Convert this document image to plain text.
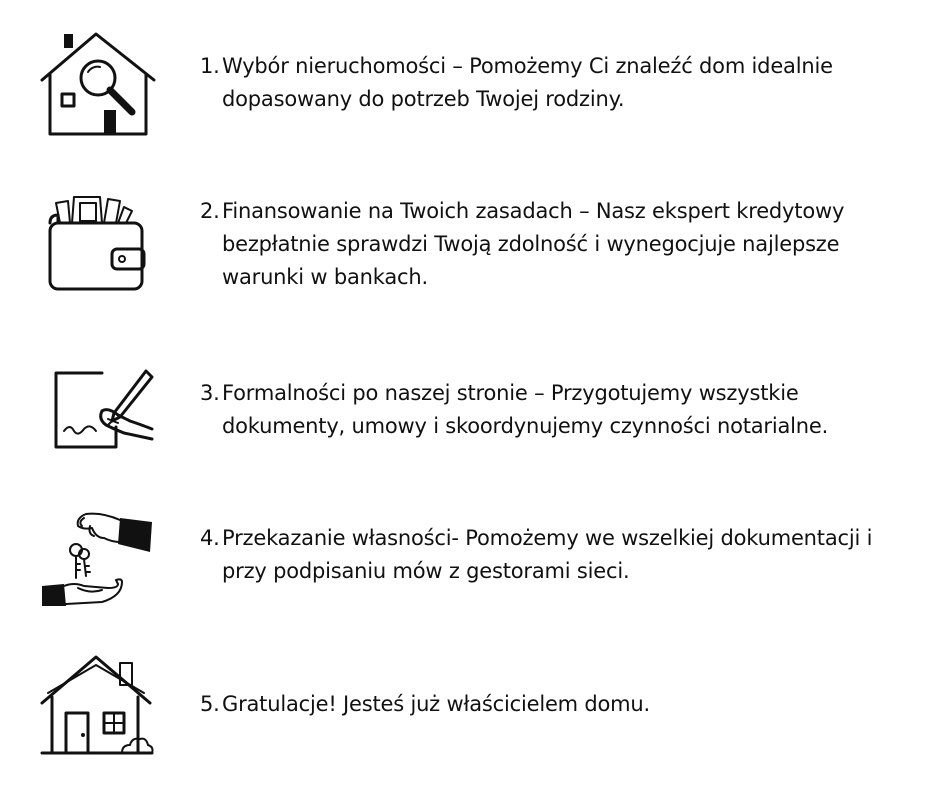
1. Wybór nieruchomości – Pomożemy Ci znaleźć dom idealnie dopasowany do potrzeb Twojej rodziny.
2. Finansowanie na Twoich zasadach – Nasz ekspert kredytowy bezpłatnie sprawdzi Twoją zdolność i wynegocjuje najlepsze warunki w bankach.
3. Formalności po naszej stronie – Przygotujemy wszystkie dokumenty, umowy i skoordynujemy czynności notarialne.
4. Przekazanie własności- Pomożemy we wszelkiej dokumentacji i przy podpisaniu mów z gestorami sieci.
5. Gratulacje! Jesteś już właścicielem domu.
